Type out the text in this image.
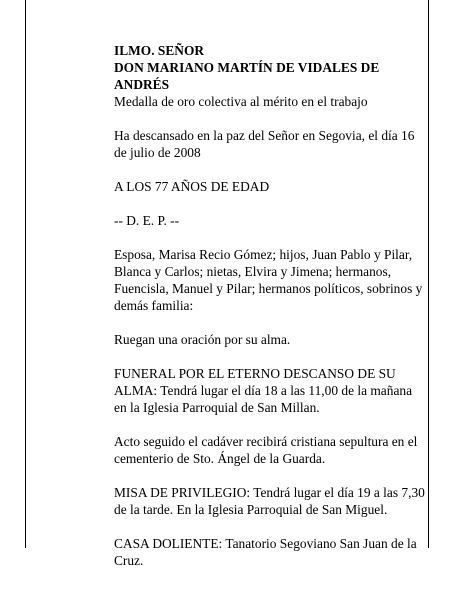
ILMO. SEÑOR

DON MARIANO MARTÍN DE VIDALES DE ANDRÉS

Medalla de oro colectiva al mérito en el trabajo

Ha descansado en la paz del Señor en Segovia, el día 16 de julio de 2008

A LOS 77 AÑOS DE EDAD

-- D. E. P. --

Esposa, Marisa Recio Gómez; hijos, Juan Pablo y Pilar, Blanca y Carlos; nietas, Elvira y Jimena; hermanos, Fuencisla, Manuel y Pilar; hermanos políticos, sobrinos y demás familia:

Ruegan una oración por su alma.

FUNERAL POR EL ETERNO DESCANSO DE SU ALMA: Tendrá lugar el día 18 a las 11,00 de la mañana en la Iglesia Parroquial de San Millan.

Acto seguido el cadáver recibirá cristiana sepultura en el cementerio de Sto. Ángel de la Guarda.

MISA DE PRIVILEGIO: Tendrá lugar el día 19 a las 7,30 de la tarde. En la Iglesia Parroquial de San Miguel.

CASA DOLIENTE: Tanatorio Segoviano San Juan de la Cruz.
